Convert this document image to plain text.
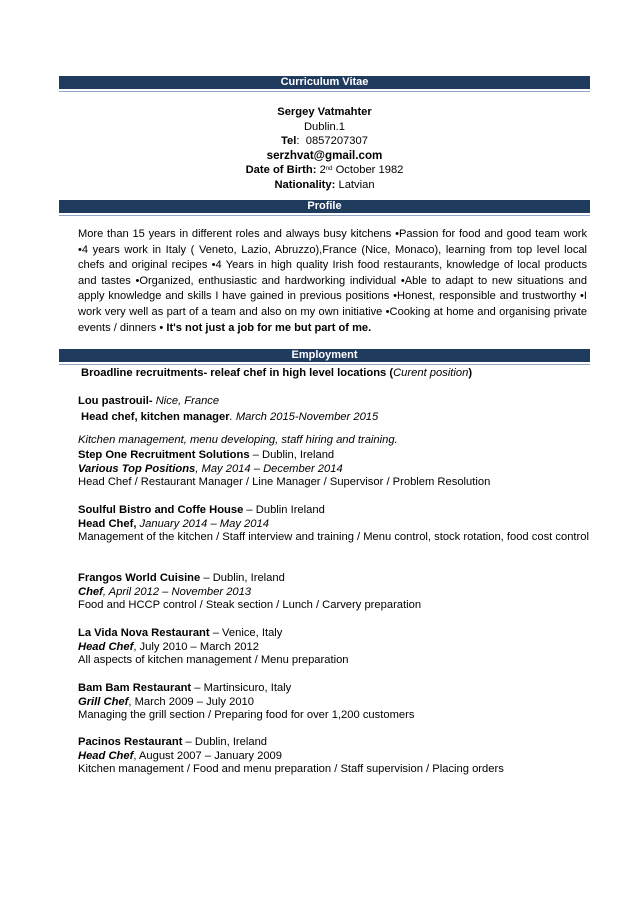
Curriculum Vitae
Sergey Vatmahter
Dublin.1
Tel:  0857207307
serzhvat@gmail.com
Date of Birth: 2nd October 1982
Nationality: Latvian
Profile
More than 15 years in different roles and always busy kitchens •Passion for food and good team work •4 years work in Italy ( Veneto, Lazio, Abruzzo),France (Nice, Monaco), learning from top level local chefs and original recipes •4 Years in high quality Irish food restaurants, knowledge of local products and tastes •Organized, enthusiastic and hardworking individual •Able to adapt to new situations and apply knowledge and skills I have gained in previous positions •Honest, responsible and trustworthy •I work very well as part of a team and also on my own initiative •Cooking at home and organising private events / dinners • It's not just a job for me but part of me.
Employment
Broadline recruitments- releaf chef in high level locations (Curent position)
Lou pastrouil- Nice, France
Head chef, kitchen manager. March 2015-November 2015
Kitchen management, menu developing, staff hiring and training.
Step One Recruitment Solutions – Dublin, Ireland
Various Top Positions, May 2014 – December 2014
Head Chef / Restaurant Manager / Line Manager / Supervisor / Problem Resolution
Soulful Bistro and Coffe House – Dublin Ireland
Head Chef, January 2014 – May 2014
Management of the kitchen / Staff interview and training / Menu control, stock rotation, food cost control
Frangos World Cuisine – Dublin, Ireland
Chef, April 2012 – November 2013
Food and HCCP control / Steak section / Lunch / Carvery preparation
La Vida Nova Restaurant – Venice, Italy
Head Chef, July 2010 – March 2012
All aspects of kitchen management / Menu preparation
Bam Bam Restaurant – Martinsicuro, Italy
Grill Chef, March 2009 – July 2010
Managing the grill section / Preparing food for over 1,200 customers
Pacinos Restaurant – Dublin, Ireland
Head Chef, August 2007 – January 2009
Kitchen management / Food and menu preparation / Staff supervision / Placing orders
